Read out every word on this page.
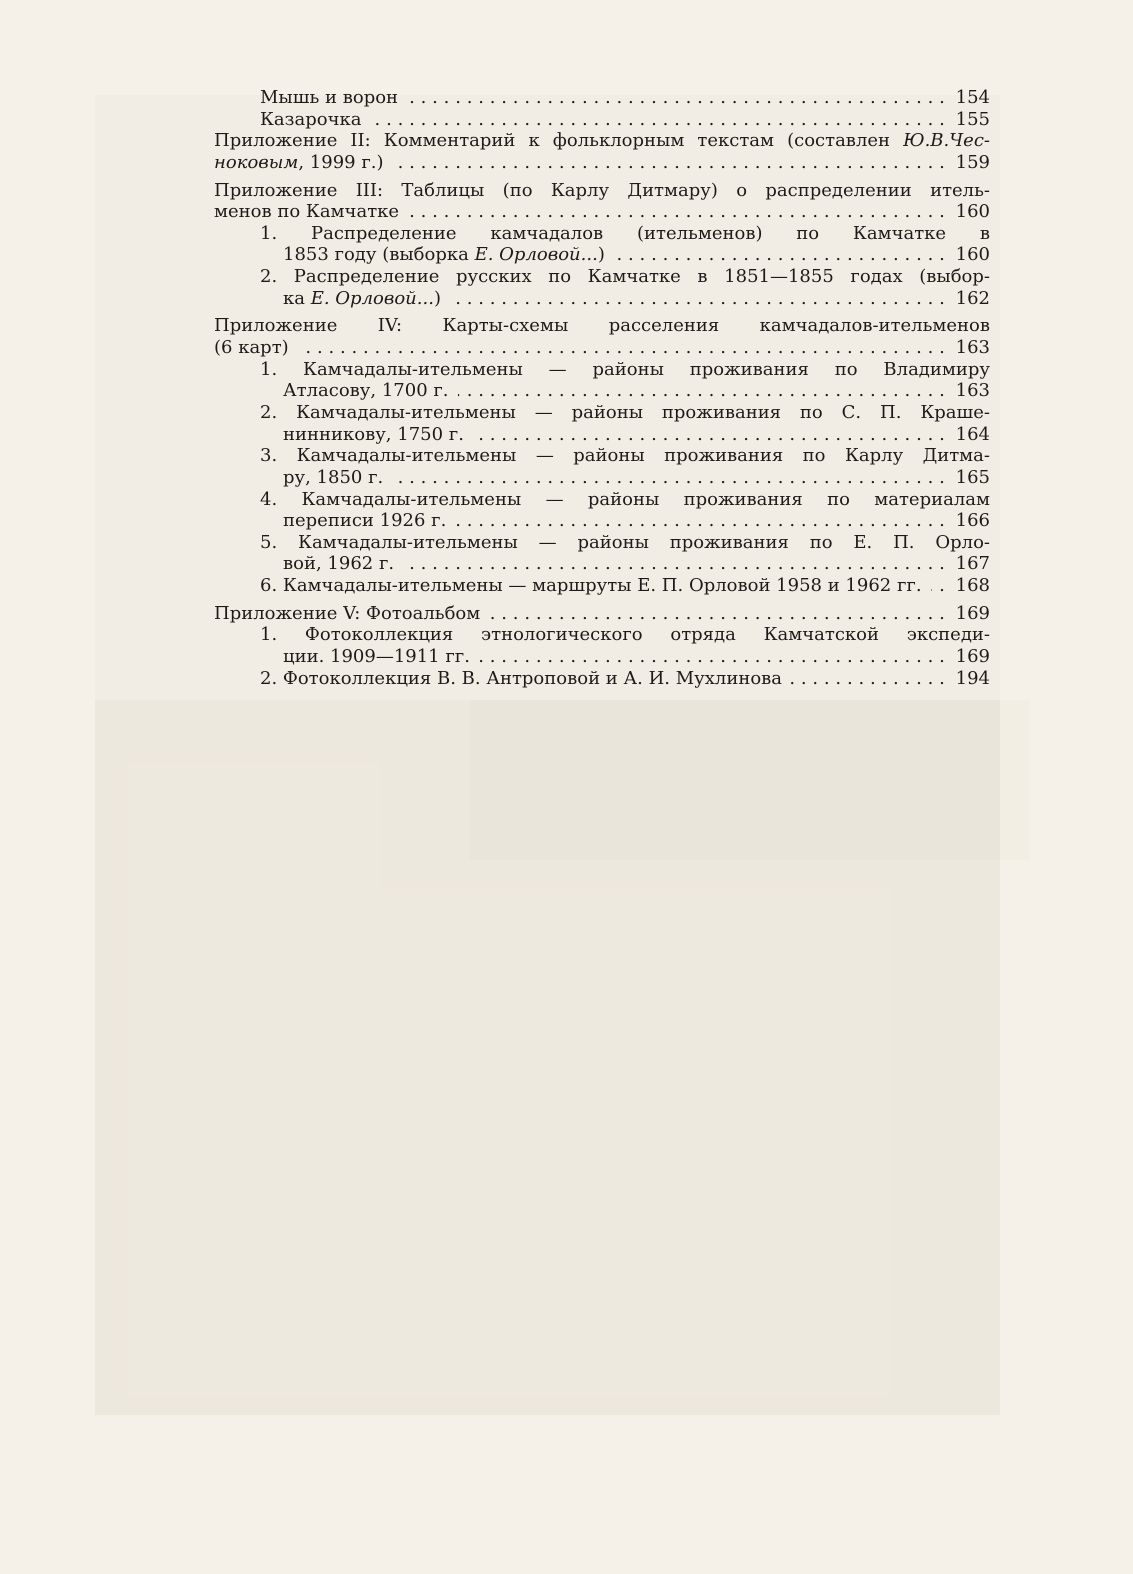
Мышь и ворон .....	154
Казарочка .....	155
Приложение II: Комментарий к фольклорным текстам (составлен Ю.В.Чес-
ноковым, 1999 г.) .....	159
Приложение III: Таблицы (по Карлу Дитмару) о распределении итель-
менов по Камчатке .....	160
1. Распределение камчадалов (ительменов) по Камчатке в
1853 году (выборка Е. Орловой...) .....	160
2. Распределение русских по Камчатке в 1851—1855 годах (выбор-
ка Е. Орловой...) .....	162
Приложение IV: Карты-схемы расселения камчадалов-ительменов
(6 карт) .....	163
1. Камчадалы-ительмены — районы проживания по Владимиру
Атласову, 1700 г. .....	163
2. Камчадалы-ительмены — районы проживания по С. П. Краше-
нинникову, 1750 г. .....	164
3. Камчадалы-ительмены — районы проживания по Карлу Дитма-
ру, 1850 г. .....	165
4. Камчадалы-ительмены — районы проживания по материалам
переписи 1926 г. .....	166
5. Камчадалы-ительмены — районы проживания по Е. П. Орло-
вой, 1962 г. .....	167
6. Камчадалы-ительмены — маршруты Е. П. Орловой 1958 и 1962 гг. ..... 168
Приложение V: Фотоальбом .....	169
1. Фотоколлекция этнологического отряда Камчатской экспеди-
ции. 1909—1911 гг. .....	169
2. Фотоколлекция В. В. Антроповой и А. И. Мухлинова .....	194
